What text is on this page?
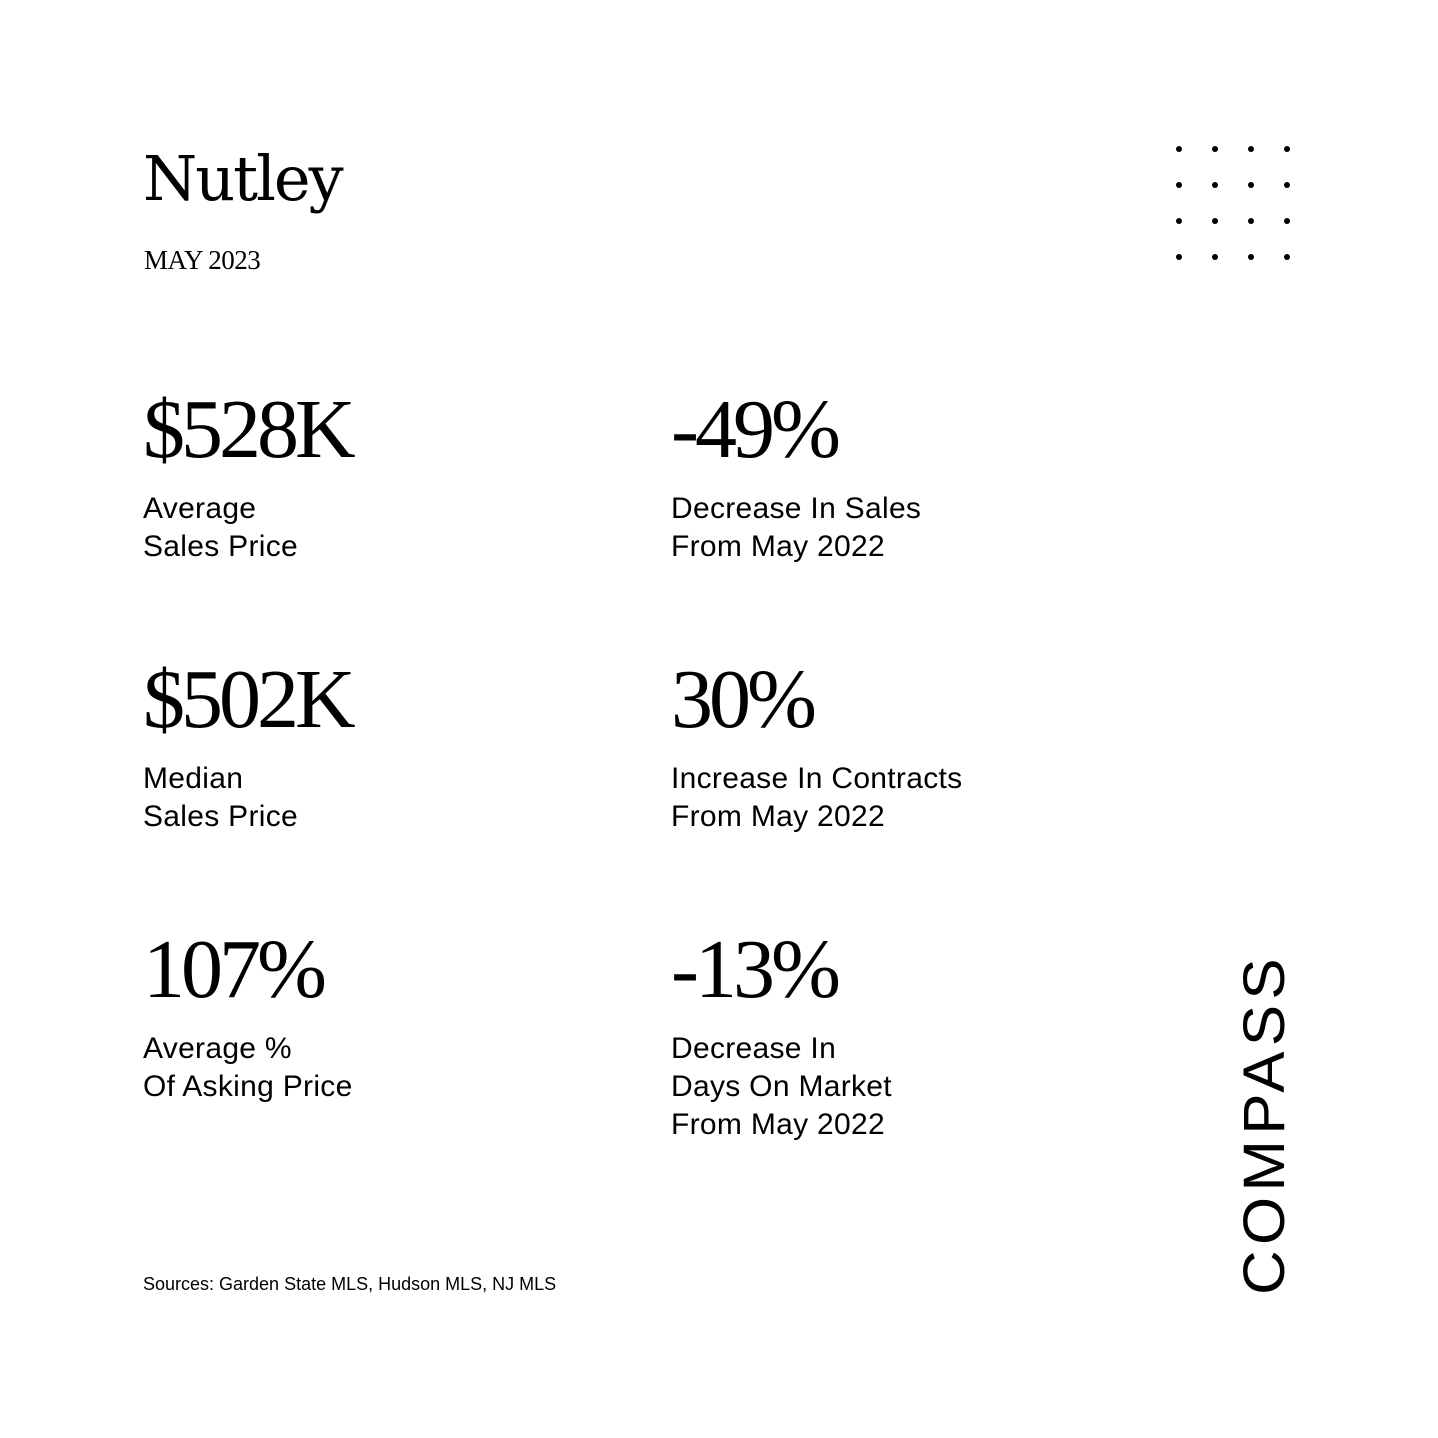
Nutley
MAY 2023
$528K
Average
Sales Price
-49%
Decrease In Sales
From May 2022
$502K
Median
Sales Price
30%
Increase In Contracts
From May 2022
107%
Average %
Of Asking Price
-13%
Decrease In
Days On Market
From May 2022
Sources: Garden State MLS, Hudson MLS, NJ MLS	COMPASS
